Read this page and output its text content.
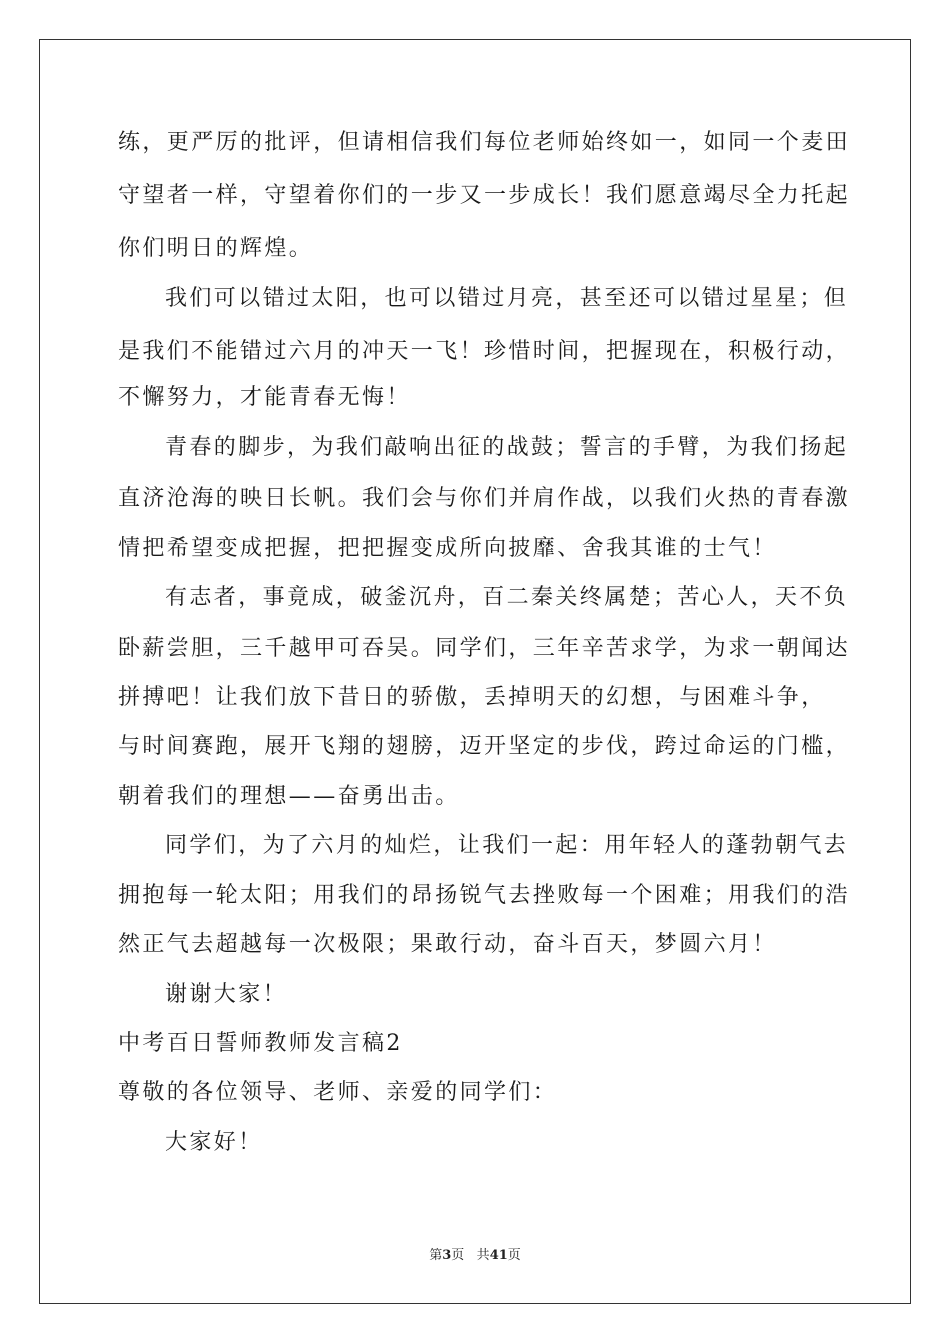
练，更严厉的批评，但请相信我们每位老师始终如一，如同一个麦田
守望者一样，守望着你们的一步又一步成长！我们愿意竭尽全力托起
你们明日的辉煌。
我们可以错过太阳，也可以错过月亮，甚至还可以错过星星；但
是我们不能错过六月的冲天一飞！珍惜时间，把握现在，积极行动，
不懈努力，才能青春无悔！
青春的脚步，为我们敲响出征的战鼓；誓言的手臂，为我们扬起
直济沧海的映日长帆。我们会与你们并肩作战，以我们火热的青春激
情把希望变成把握，把把握变成所向披靡、舍我其谁的士气！
有志者，事竟成，破釜沉舟，百二秦关终属楚；苦心人，天不负
卧薪尝胆，三千越甲可吞吴。同学们，三年辛苦求学，为求一朝闻达
拼搏吧！让我们放下昔日的骄傲，丢掉明天的幻想，与困难斗争，
与时间赛跑，展开飞翔的翅膀，迈开坚定的步伐，跨过命运的门槛，
朝着我们的理想——奋勇出击。
同学们，为了六月的灿烂，让我们一起：用年轻人的蓬勃朝气去
拥抱每一轮太阳；用我们的昂扬锐气去挫败每一个困难；用我们的浩
然正气去超越每一次极限；果敢行动，奋斗百天，梦圆六月！
谢谢大家！
中考百日誓师教师发言稿2
尊敬的各位领导、老师、亲爱的同学们：
大家好！
第3页 共41页
